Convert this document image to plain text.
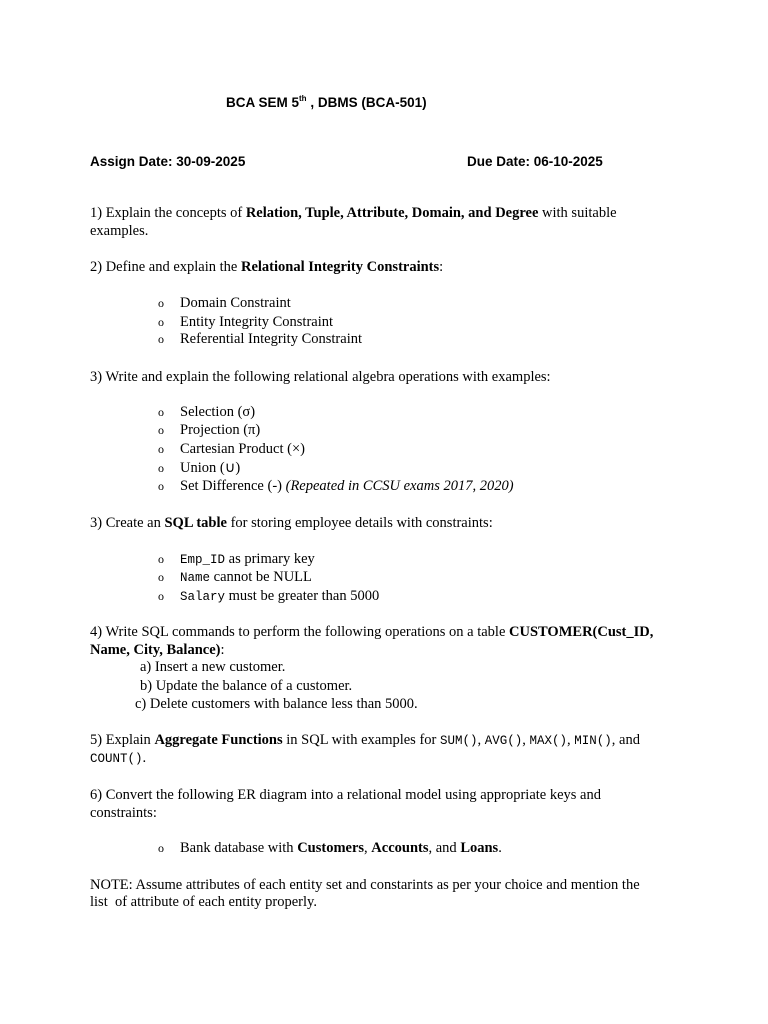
BCA SEM 5th , DBMS (BCA-501)
Assign Date: 30-09-2025	Due Date: 06-10-2025
1) Explain the concepts of Relation, Tuple, Attribute, Domain, and Degree with suitable
examples.
2) Define and explain the Relational Integrity Constraints:
o Domain Constraint
o Entity Integrity Constraint
o Referential Integrity Constraint
3) Write and explain the following relational algebra operations with examples:
o Selection (σ)
o Projection (π)
o Cartesian Product (×)
o Union (∪)
o Set Difference (-) (Repeated in CCSU exams 2017, 2020)
3) Create an SQL table for storing employee details with constraints:
o Emp_ID as primary key
o Name cannot be NULL
o Salary must be greater than 5000
4) Write SQL commands to perform the following operations on a table CUSTOMER(Cust_ID,
Name, City, Balance):
a) Insert a new customer.
b) Update the balance of a customer.
c) Delete customers with balance less than 5000.
5) Explain Aggregate Functions in SQL with examples for SUM(), AVG(), MAX(), MIN(), and
COUNT().
6) Convert the following ER diagram into a relational model using appropriate keys and
constraints:
o Bank database with Customers, Accounts, and Loans.
NOTE: Assume attributes of each entity set and constarints as per your choice and mention the
list  of attribute of each entity properly.
